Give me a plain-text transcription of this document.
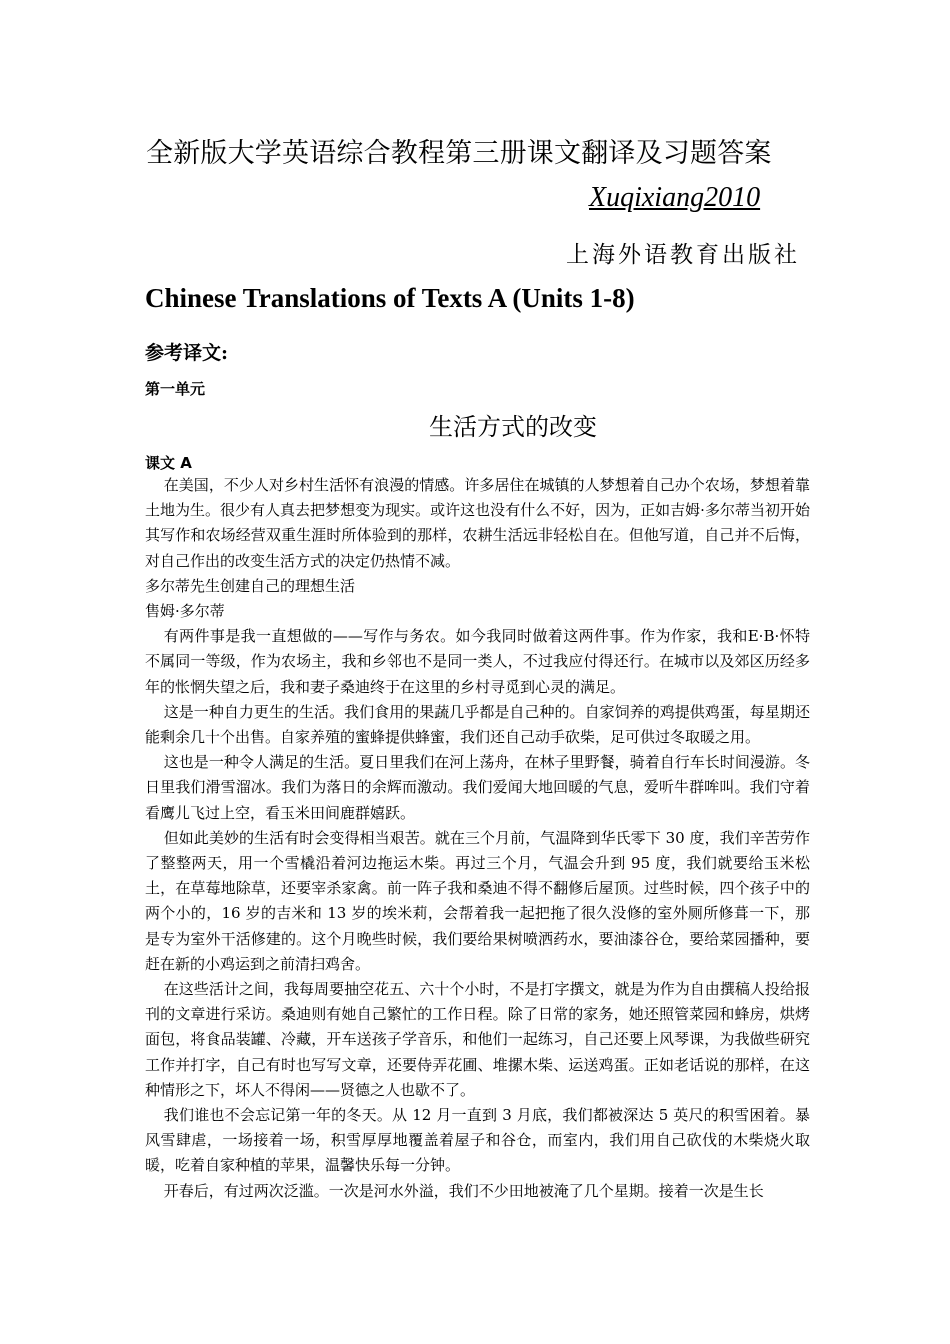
全新版大学英语综合教程第三册课文翻译及习题答案
Xuqixiang2010
上海外语教育出版社
Chinese Translations of Texts A (Units 1-8)
参考译文:
第一单元
生活方式的改变
课文 A

在美国，不少人对乡村生活怀有浪漫的情感。许多居住在城镇的人梦想着自己办个农场，梦想着靠土地为生。很少有人真去把梦想变为现实。或许这也没有什么不好，因为，正如吉姆·多尔蒂当初开始其写作和农场经营双重生涯时所体验到的那样，农耕生活远非轻松自在。但他写道，自己并不后悔，对自己作出的改变生活方式的决定仍热情不减。

多尔蒂先生创建自己的理想生活

售姆·多尔蒂

有两件事是我一直想做的——写作与务农。如今我同时做着这两件事。作为作家，我和E·B·怀特不属同一等级，作为农场主，我和乡邻也不是同一类人，不过我应付得还行。在城市以及郊区历经多年的怅惘失望之后，我和妻子桑迪终于在这里的乡村寻觅到心灵的满足。

这是一种自力更生的生活。我们食用的果蔬几乎都是自己种的。自家饲养的鸡提供鸡蛋，每星期还能剩余几十个出售。自家养殖的蜜蜂提供蜂蜜，我们还自己动手砍柴，足可供过冬取暖之用。

这也是一种令人满足的生活。夏日里我们在河上荡舟，在林子里野餐，骑着自行车长时间漫游。冬日里我们滑雪溜冰。我们为落日的余辉而激动。我们爱闻大地回暖的气息，爱听牛群哞叫。我们守着看鹰儿飞过上空，看玉米田间鹿群嬉跃。

但如此美妙的生活有时会变得相当艰苦。就在三个月前，气温降到华氏零下 30 度，我们辛苦劳作了整整两天，用一个雪橇沿着河边拖运木柴。再过三个月，气温会升到 95 度，我们就要给玉米松土，在草莓地除草，还要宰杀家禽。前一阵子我和桑迪不得不翻修后屋顶。过些时候，四个孩子中的两个小的，16 岁的吉米和 13 岁的埃米莉，会帮着我一起把拖了很久没修的室外厕所修葺一下，那是专为室外干活修建的。这个月晚些时候，我们要给果树喷洒药水，要油漆谷仓，要给菜园播种，要赶在新的小鸡运到之前清扫鸡舍。

在这些活计之间，我每周要抽空花五、六十个小时，不是打字撰文，就是为作为自由撰稿人投给报刊的文章进行采访。桑迪则有她自己繁忙的工作日程。除了日常的家务，她还照管菜园和蜂房，烘烤面包，将食品装罐、冷藏，开车送孩子学音乐，和他们一起练习，自己还要上风琴课，为我做些研究工作并打字，自己有时也写写文章，还要侍弄花圃、堆摞木柴、运送鸡蛋。正如老话说的那样，在这种情形之下，坏人不得闲——贤德之人也歇不了。

我们谁也不会忘记第一年的冬天。从 12 月一直到 3 月底，我们都被深达 5 英尺的积雪困着。暴风雪肆虐，一场接着一场，积雪厚厚地覆盖着屋子和谷仓，而室内，我们用自己砍伐的木柴烧火取暖，吃着自家种植的苹果，温馨快乐每一分钟。

开春后，有过两次泛滥。一次是河水外溢，我们不少田地被淹了几个星期。接着一次是生长
